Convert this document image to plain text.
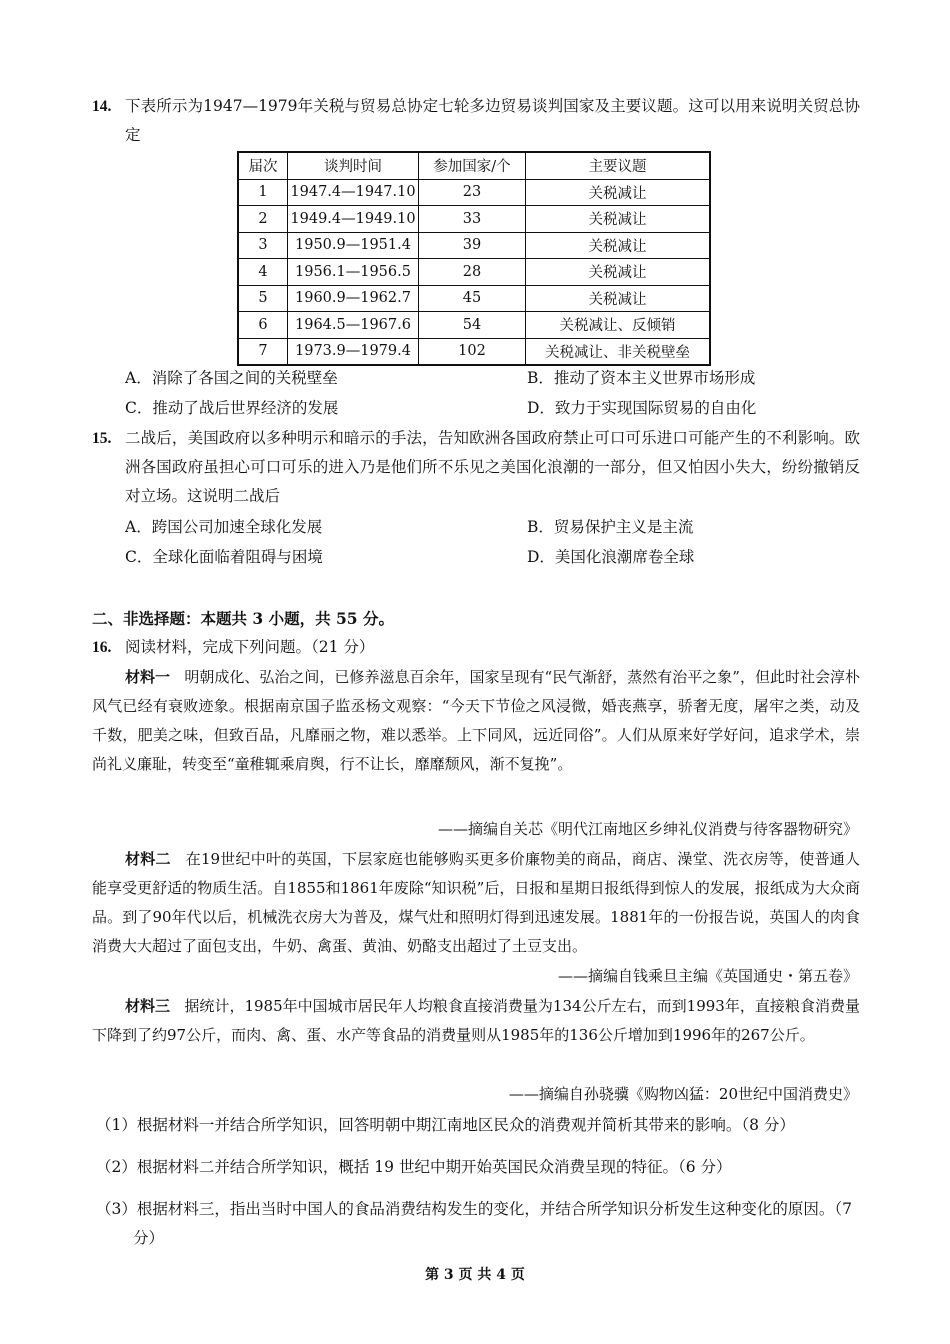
14. 下表所示为1947—1979年关税与贸易总协定七轮多边贸易谈判国家及主要议题。这可以用来说明关贸总协定
届次	谈判时间	参加国家/个	主要议题
1	1947.4—1947.10	23	关税减让
2	1949.4—1949.10	33	关税减让
3	1950.9—1951.4	39	关税减让
4	1956.1—1956.5	28	关税减让
5	1960.9—1962.7	45	关税减让
6	1964.5—1967.6	54	关税减让、反倾销
7	1973.9—1979.4	102	关税减让、非关税壁垒
A．消除了各国之间的关税壁垒	B．推动了资本主义世界市场形成
C．推动了战后世界经济的发展	D．致力于实现国际贸易的自由化
15. 二战后，美国政府以多种明示和暗示的手法，告知欧洲各国政府禁止可口可乐进口可能产生的不利影响。欧洲各国政府虽担心可口可乐的进入乃是他们所不乐见之美国化浪潮的一部分，但又怕因小失大，纷纷撤销反对立场。这说明二战后
A．跨国公司加速全球化发展	B．贸易保护主义是主流
C．全球化面临着阻碍与困境	D．美国化浪潮席卷全球
二、非选择题：本题共 3 小题，共 55 分。
16. 阅读材料，完成下列问题。（21 分）
材料一 明朝成化、弘治之间，已修养滋息百余年，国家呈现有“民气渐舒，蒸然有治平之象”，但此时社会淳朴风气已经有衰败迹象。根据南京国子监丞杨文观察：“今天下节俭之风浸微，婚丧燕享，骄奢无度，屠牢之类，动及千数，肥美之味，但致百品，凡靡丽之物，难以悉举。上下同风，远近同俗”。人们从原来好学好问，追求学术，崇尚礼义廉耻，转变至“童稚辄乘肩舆，行不让长，靡靡颓风，渐不复挽”。
——摘编自关芯《明代江南地区乡绅礼仪消费与待客器物研究》
材料二 在19世纪中叶的英国，下层家庭也能够购买更多价廉物美的商品，商店、澡堂、洗衣房等，使普通人能享受更舒适的物质生活。自1855和1861年废除“知识税”后，日报和星期日报纸得到惊人的发展，报纸成为大众商品。到了90年代以后，机械洗衣房大为普及，煤气灶和照明灯得到迅速发展。1881年的一份报告说，英国人的肉食消费大大超过了面包支出，牛奶、禽蛋、黄油、奶酪支出超过了土豆支出。
——摘编自钱乘旦主编《英国通史・第五卷》
材料三 据统计，1985年中国城市居民年人均粮食直接消费量为134公斤左右，而到1993年，直接粮食消费量下降到了约97公斤，而肉、禽、蛋、水产等食品的消费量则从1985年的136公斤增加到1996年的267公斤。
——摘编自孙骁骥《购物凶猛：20世纪中国消费史》
（1）根据材料一并结合所学知识，回答明朝中期江南地区民众的消费观并简析其带来的影响。（8 分）
（2）根据材料二并结合所学知识，概括 19 世纪中期开始英国民众消费呈现的特征。（6 分）
（3）根据材料三，指出当时中国人的食品消费结构发生的变化，并结合所学知识分析发生这种变化的原因。（7 分）
第 3 页 共 4 页
